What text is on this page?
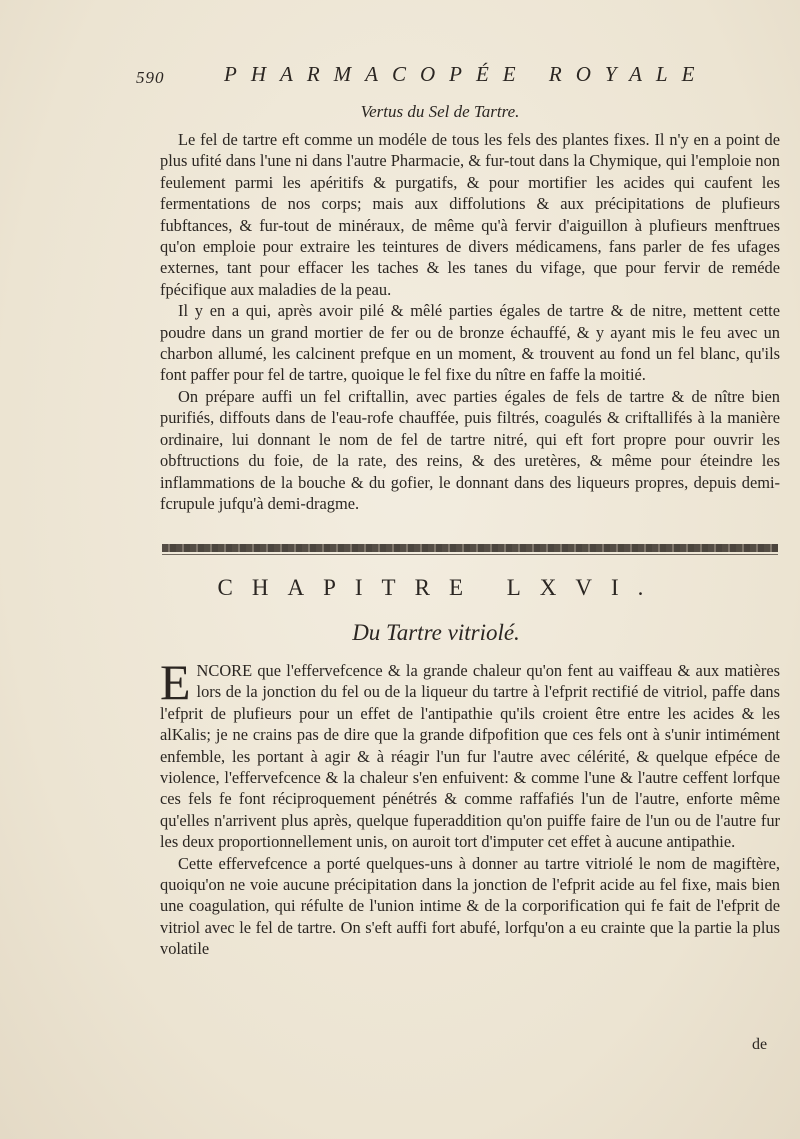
590	PHARMACOPÉE ROYALE
Vertus du Sel de Tartre.

Le fel de tartre eft comme un modéle de tous les fels des plantes fixes. Il n'y en a point de plus ufité dans l'une ni dans l'autre Pharmacie, & fur-tout dans la Chymique, qui l'emploie non feulement parmi les apéritifs & purgatifs, & pour mortifier les acides qui caufent les fermentations de nos corps; mais aux diffolutions & aux précipitations de plufieurs fubftances, & fur-tout de minéraux, de même qu'à fervir d'aiguillon à plufieurs menftrues qu'on emploie pour extraire les teintures de divers médicamens, fans parler de fes ufages externes, tant pour effacer les taches & les tanes du vifage, que pour fervir de reméde fpécifique aux maladies de la peau.

Il y en a qui, après avoir pilé & mêlé parties égales de tartre & de nitre, mettent cette poudre dans un grand mortier de fer ou de bronze échauffé, & y ayant mis le feu avec un charbon allumé, les calcinent prefque en un moment, & trouvent au fond un fel blanc, qu'ils font paffer pour fel de tartre, quoique le fel fixe du nître en faffe la moitié.

On prépare auffi un fel criftallin, avec parties égales de fels de tartre & de nître bien purifiés, diffouts dans de l'eau-rofe chauffée, puis filtrés, coagulés & criftallifés à la manière ordinaire, lui donnant le nom de fel de tartre nitré, qui eft fort propre pour ouvrir les obftructions du foie, de la rate, des reins, & des uretères, & même pour éteindre les inflammations de la bouche & du gofier, le donnant dans des liqueurs propres, depuis demi-fcrupule jufqu'à demi-dragme.

CHAPITRE LXVI.
Du Tartre vitriolé.

ENCORE que l'effervefcence & la grande chaleur qu'on fent au vaiffeau & aux matières lors de la jonction du fel ou de la liqueur du tartre à l'efprit rectifié de vitriol, paffe dans l'efprit de plufieurs pour un effet de l'antipathie qu'ils croient être entre les acides & les alKalis; je ne crains pas de dire que la grande difpofition que ces fels ont à s'unir intimément enfemble, les portant à agir & à réagir l'un fur l'autre avec célérité, & quelque efpéce de violence, l'effervefcence & la chaleur s'en enfuivent: & comme l'une & l'autre ceffent lorfque ces fels fe font réciproquement pénétrés & comme raffafiés l'un de l'autre, enforte même qu'elles n'arrivent plus après, quelque fuperaddition qu'on puiffe faire de l'un ou de l'autre fur les deux proportionnellement unis, on auroit tort d'imputer cet effet à aucune antipathie.

Cette effervefcence a porté quelques-uns à donner au tartre vitriolé le nom de magiftère, quoiqu'on ne voie aucune précipitation dans la jonction de l'efprit acide au fel fixe, mais bien une coagulation, qui réfulte de l'union intime & de la corporification qui fe fait de l'efprit de vitriol avec le fel de tartre. On s'eft auffi fort abufé, lorfqu'on a eu crainte que la partie la plus volatile

de
